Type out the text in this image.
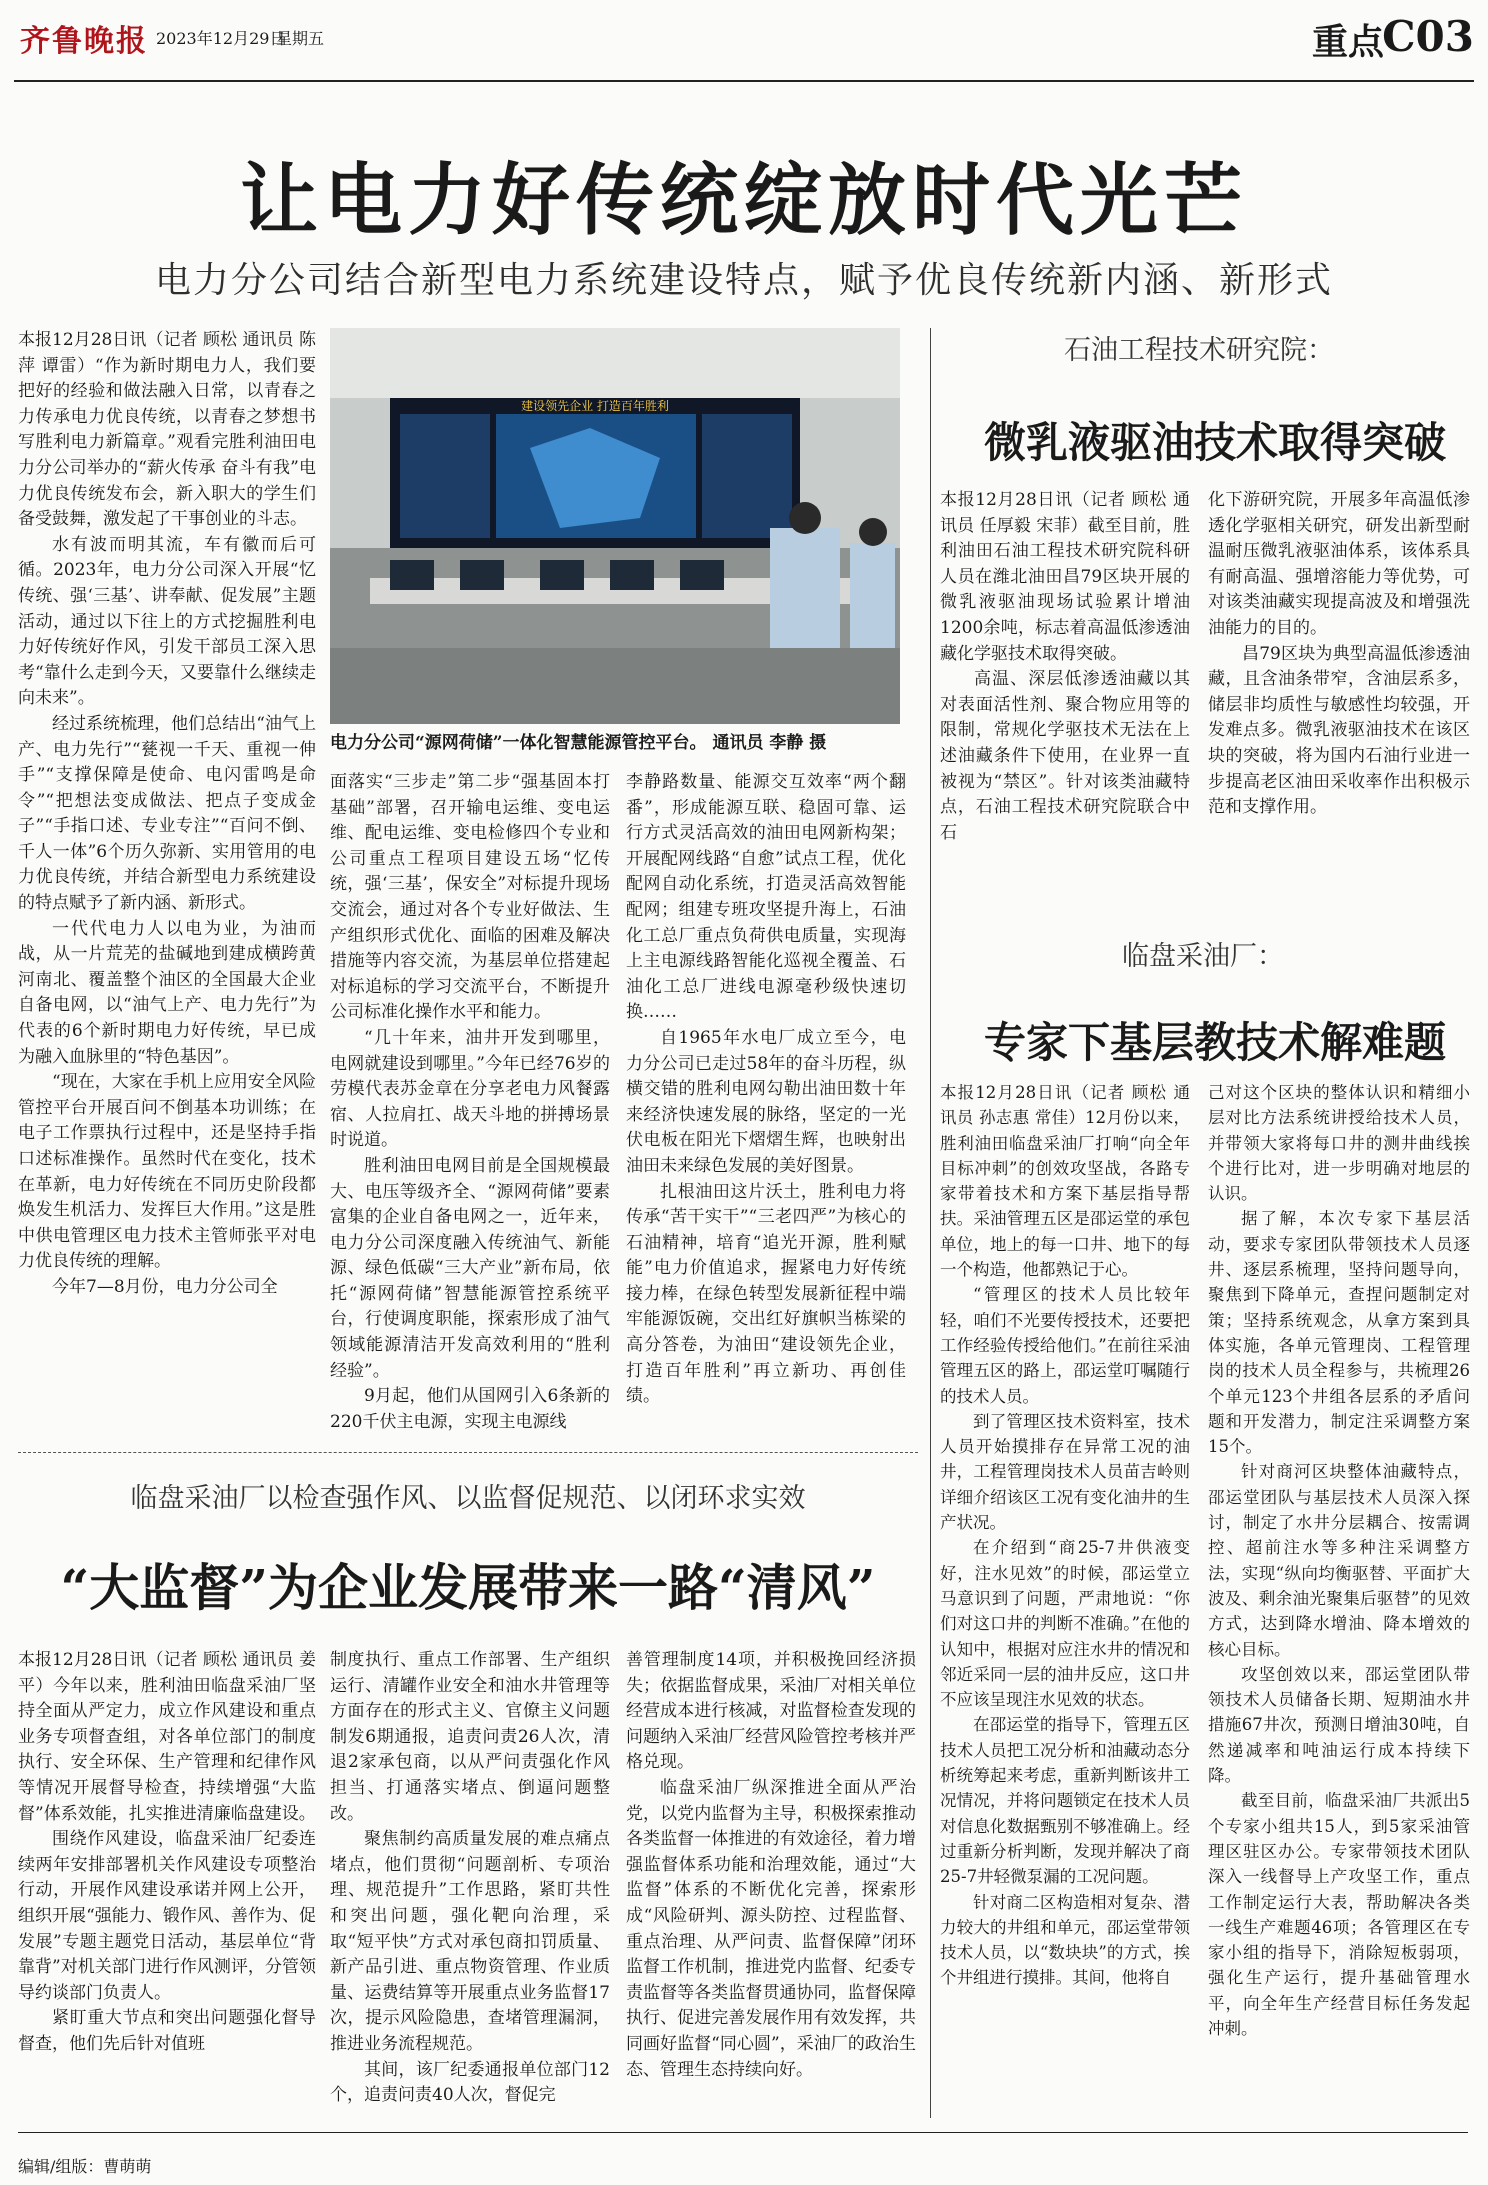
齐鲁晚报 2023年12月29日
星期五	重点
C03
让电力好传统绽放时代光芒
电力分公司结合新型电力系统建设特点，赋予优良传统新内涵、新形式

本报12月28日讯（记者 顾松 通讯员 陈萍 谭雷）“作为新时期电力人，我们要把好的经验和做法融入日常，以青春之力传承电力优良传统，以青春之梦想书写胜利电力新篇章。”观看完胜利油田电力分公司举办的“薪火传承 奋斗有我”电力优良传统发布会，新入职大的学生们备受鼓舞，激发起了干事创业的斗志。

水有波而明其流，车有徽而后可循。2023年，电力分公司深入开展“忆传统、强‘三基’、讲奉献、促发展”主题活动，通过以下往上的方式挖掘胜利电力好传统好作风，引发干部员工深入思考“靠什么走到今天，又要靠什么继续走向未来”。

经过系统梳理，他们总结出“油气上产、电力先行”“甆视一千天、重视一伸手”“支撑保障是使命、电闪雷鸣是命令”“把想法变成做法、把点子变成金子”“手指口述、专业专注”“百问不倒、千人一体”6个历久弥新、实用管用的电力优良传统，并结合新型电力系统建设的特点赋予了新内涵、新形式。

一代代电力人以电为业，为油而战，从一片荒芜的盐碱地到建成横跨黄河南北、覆盖整个油区的全国最大企业自备电网，以“油气上产、电力先行”为代表的6个新时期电力好传统，早已成为融入血脉里的“特色基因”。

“现在，大家在手机上应用安全风险管控平台开展百问不倒基本功训练；在电子工作票执行过程中，还是坚持手指口述标准操作。虽然时代在变化，技术在革新，电力好传统在不同历史阶段都焕发生机活力、发挥巨大作用。”这是胜中供电管理区电力技术主管师张平对电力优良传统的理解。

今年7—8月份，电力分公司全

建设领先企业 打造百年胜利
电力分公司“源网荷储”一体化智慧能源管控平台。 通讯员 李静 摄

面落实“三步走”第二步“强基固本打基础”部署，召开输电运维、变电运维、配电运维、变电检修四个专业和公司重点工程项目建设五场“忆传统，强‘三基’，保安全”对标提升现场交流会，通过对各个专业好做法、生产组织形式优化、面临的困难及解决措施等内容交流，为基层单位搭建起对标追标的学习交流平台，不断提升公司标准化操作水平和能力。

“几十年来，油井开发到哪里，电网就建设到哪里。”今年已经76岁的劳模代表苏金章在分享老电力风餐露宿、人拉肩扛、战天斗地的拼搏场景时说道。

胜利油田电网目前是全国规模最大、电压等级齐全、“源网荷储”要素富集的企业自备电网之一，近年来，电力分公司深度融入传统油气、新能源、绿色低碳“三大产业”新布局，依托“源网荷储”智慧能源管控系统平台，行使调度职能，探索形成了油气领域能源清洁开发高效利用的“胜利经验”。

9月起，他们从国网引入6条新的220千伏主电源，实现主电源线

李静路数量、能源交互效率“两个翻番”，形成能源互联、稳固可靠、运行方式灵活高效的油田电网新构架；开展配网线路“自愈”试点工程，优化配网自动化系统，打造灵活高效智能配网；组建专班攻坚提升海上，石油化工总厂重点负荷供电质量，实现海上主电源线路智能化巡视全覆盖、石油化工总厂进线电源毫秒级快速切换……

自1965年水电厂成立至今，电力分公司已走过58年的奋斗历程，纵横交错的胜利电网勾勒出油田数十年来经济快速发展的脉络，坚定的一光伏电板在阳光下熠熠生辉，也映射出油田未来绿色发展的美好图景。

扎根油田这片沃土，胜利电力将传承“苦干实干”“三老四严”为核心的石油精神，培育“追光开源，胜利赋能”电力价值追求，握紧电力好传统接力棒，在绿色转型发展新征程中端牢能源饭碗，交出红好旗帜当栋梁的高分答卷，为油田“建设领先企业，打造百年胜利”再立新功、再创佳绩。

石油工程技术研究院：
微乳液驱油技术取得突破

本报12月28日讯（记者 顾松 通讯员 任厚毅 宋菲）截至目前，胜利油田石油工程技术研究院科研人员在潍北油田昌79区块开展的微乳液驱油现场试验累计增油1200余吨，标志着高温低渗透油藏化学驱技术取得突破。

高温、深层低渗透油藏以其对表面活性剂、聚合物应用等的限制，常规化学驱技术无法在上述油藏条件下使用，在业界一直被视为“禁区”。针对该类油藏特点，石油工程技术研究院联合中石

化下游研究院，开展多年高温低渗透化学驱相关研究，研发出新型耐温耐压微乳液驱油体系，该体系具有耐高温、强增溶能力等优势，可对该类油藏实现提高波及和增强洗油能力的目的。

昌79区块为典型高温低渗透油藏，且含油条带窄，含油层系多，储层非均质性与敏感性均较强，开发难点多。微乳液驱油技术在该区块的突破，将为国内石油行业进一步提高老区油田采收率作出积极示范和支撑作用。

临盘采油厂：
专家下基层教技术解难题

本报12月28日讯（记者 顾松 通讯员 孙志惠 常佳）12月份以来，胜利油田临盘采油厂打响“向全年目标冲刺”的创效攻坚战，各路专家带着技术和方案下基层指导帮扶。采油管理五区是邵运堂的承包单位，地上的每一口井、地下的每一个构造，他都熟记于心。

“管理区的技术人员比较年轻，咱们不光要传授技术，还要把工作经验传授给他们。”在前往采油管理五区的路上，邵运堂叮嘱随行的技术人员。

到了管理区技术资料室，技术人员开始摸排存在异常工况的油井，工程管理岗技术人员苗吉岭则详细介绍该区工况有变化油井的生产状况。

在介绍到“商25-7井供液变好，注水见效”的时候，邵运堂立马意识到了问题，严肃地说：“你们对这口井的判断不准确。”在他的认知中，根据对应注水井的情况和邻近采同一层的油井反应，这口井不应该呈现注水见效的状态。

在邵运堂的指导下，管理五区技术人员把工况分析和油藏动态分析统筹起来考虑，重新判断该井工况情况，并将问题锁定在技术人员对信息化数据甄别不够准确上。经过重新分析判断，发现并解决了商25-7井轻微泵漏的工况问题。

针对商二区构造相对复杂、潜力较大的井组和单元，邵运堂带领技术人员，以“数块块”的方式，挨个井组进行摸排。其间，他将自

己对这个区块的整体认识和精细小层对比方法系统讲授给技术人员，并带领大家将每口井的测井曲线挨个进行比对，进一步明确对地层的认识。

据了解，本次专家下基层活动，要求专家团队带领技术人员逐井、逐层系梳理，坚持问题导向，聚焦到下降单元，查捏问题制定对策；坚持系统观念，从拿方案到具体实施，各单元管理岗、工程管理岗的技术人员全程参与，共梳理26个单元123个井组各层系的矛盾问题和开发潜力，制定注采调整方案15个。

针对商河区块整体油藏特点，邵运堂团队与基层技术人员深入探讨，制定了水井分层耦合、按需调控、超前注水等多种注采调整方法，实现“纵向均衡驱替、平面扩大波及、剩余油光聚集后驱替”的见效方式，达到降水增油、降本增效的核心目标。

攻坚创效以来，邵运堂团队带领技术人员储备长期、短期油水井措施67井次，预测日增油30吨，自然递减率和吨油运行成本持续下降。

截至目前，临盘采油厂共派出5个专家小组共15人，到5家采油管理区驻区办公。专家带领技术团队深入一线督导上产攻坚工作，重点工作制定运行大表，帮助解决各类一线生产难题46项；各管理区在专家小组的指导下，消除短板弱项，强化生产运行，提升基础管理水平，向全年生产经营目标任务发起冲刺。

临盘采油厂以检查强作风、以监督促规范、以闭环求实效
“大监督”为企业发展带来一路“清风”

本报12月28日讯（记者 顾松 通讯员 姜平）今年以来，胜利油田临盘采油厂坚持全面从严定力，成立作风建设和重点业务专项督查组，对各单位部门的制度执行、安全环保、生产管理和纪律作风等情况开展督导检查，持续增强“大监督”体系效能，扎实推进清廉临盘建设。

围绕作风建设，临盘采油厂纪委连续两年安排部署机关作风建设专项整治行动，开展作风建设承诺并网上公开，组织开展“强能力、锻作风、善作为、促发展”专题主题党日活动，基层单位“背靠背”对机关部门进行作风测评，分管领导约谈部门负责人。

紧盯重大节点和突出问题强化督导督查，他们先后针对值班

制度执行、重点工作部署、生产组织运行、清罐作业安全和油水井管理等方面存在的形式主义、官僚主义问题制发6期通报，追责问责26人次，清退2家承包商，以从严问责强化作风担当、打通落实堵点、倒逼问题整改。

聚焦制约高质量发展的难点痛点堵点，他们贯彻“问题剖析、专项治理、规范提升”工作思路，紧盯共性和突出问题，强化靶向治理，采取“短平快”方式对承包商扣罚质量、新产品引进、重点物资管理、作业质量、运费结算等开展重点业务监督17次，提示风险隐患，查堵管理漏洞，推进业务流程规范。

其间，该厂纪委通报单位部门12个，追责问责40人次，督促完

善管理制度14项，并积极挽回经济损失；依据监督成果，采油厂对相关单位经营成本进行核减，对监督检查发现的问题纳入采油厂经营风险管控考核并严格兑现。

临盘采油厂纵深推进全面从严治党，以党内监督为主导，积极探索推动各类监督一体推进的有效途径，着力增强监督体系功能和治理效能，通过“大监督”体系的不断优化完善，探索形成“风险研判、源头防控、过程监督、重点治理、从严问责、监督保障”闭环监督工作机制，推进党内监督、纪委专责监督等各类监督贯通协同，监督保障执行、促进完善发展作用有效发挥，共同画好监督“同心圆”，采油厂的政治生态、管理生态持续向好。

编辑/组版：曹萌萌
